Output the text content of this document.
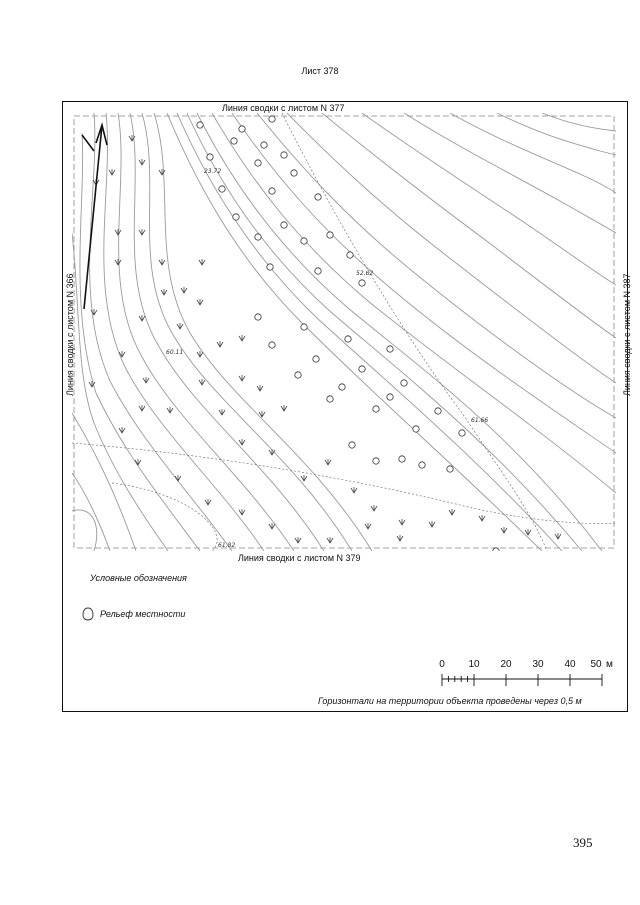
Лист 378
23.72
52.62
60.11
61.66
61.82
Линия сводки с листом N 377
Линия сводки с листом N 379
Линия сводки с листом N 366	Линия сводки с листом N 387
Условные обозначения
Рельеф местности
0 10 20 30 40 50 м
Горизонтали на территории объекта проведены через 0,5 м
395
